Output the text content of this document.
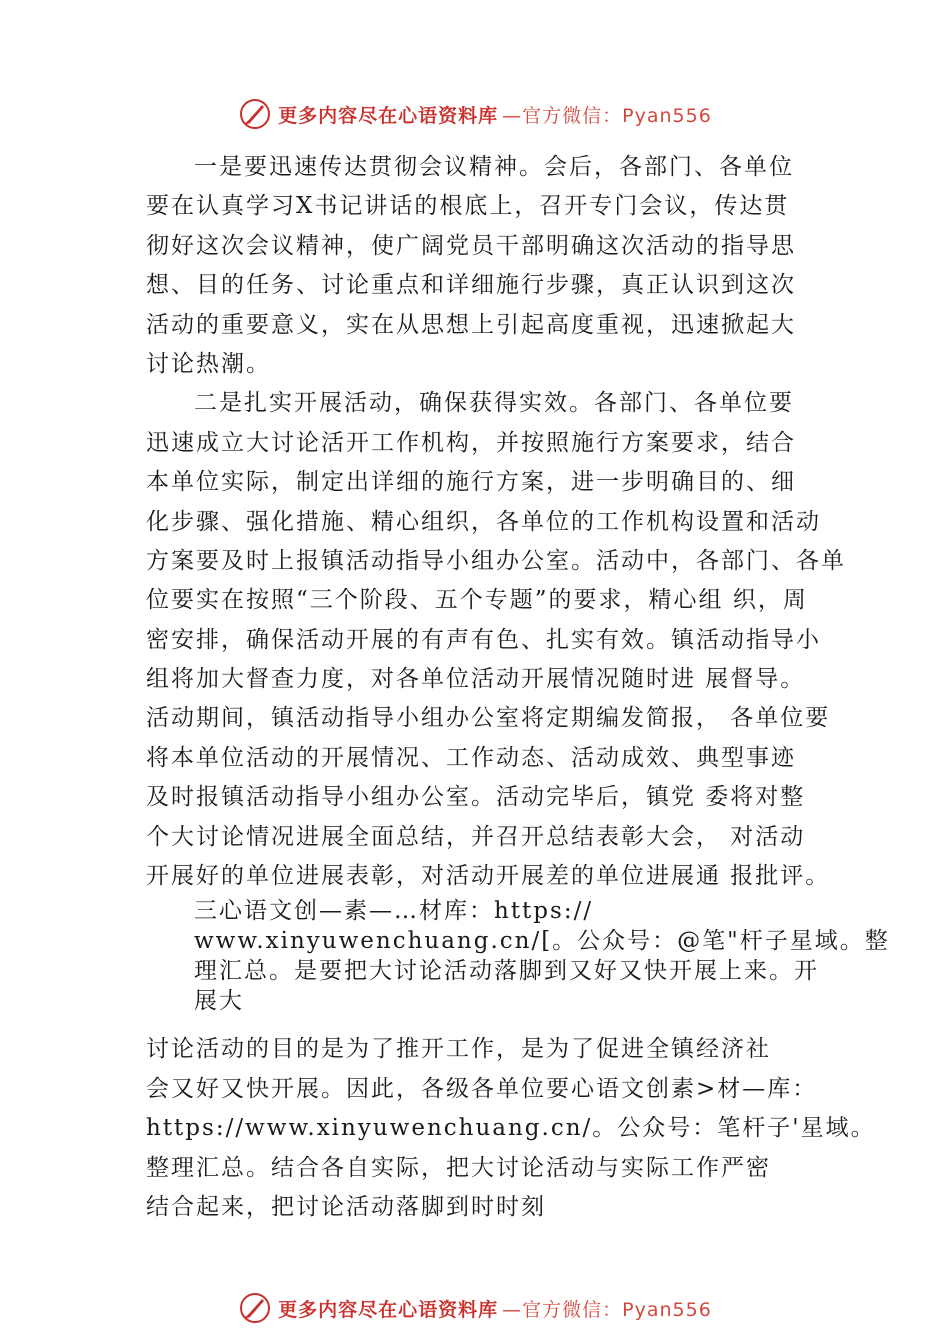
更多内容尽在心语资料库 —官方微信：Pyan556
一是要迅速传达贯彻会议精神。会后，各部门、各单位
要在认真学习X书记讲话的根底上，召开专门会议，传达贯
彻好这次会议精神，使广阔党员干部明确这次活动的指导思
想、目的任务、讨论重点和详细施行步骤，真正认识到这次
活动的重要意义，实在从思想上引起高度重视，迅速掀起大
讨论热潮。
二是扎实开展活动，确保获得实效。各部门、各单位要
迅速成立大讨论活开工作机构，并按照施行方案要求，结合
本单位实际，制定出详细的施行方案，进一步明确目的、细
化步骤、强化措施、精心组织，各单位的工作机构设置和活动
方案要及时上报镇活动指导小组办公室。活动中，各部门、各单
位要实在按照“三个阶段、五个专题”的要求，精心组 织，周
密安排，确保活动开展的有声有色、扎实有效。镇活动指导小
组将加大督查力度，对各单位活动开展情况随时进 展督导。
活动期间，镇活动指导小组办公室将定期编发简报， 各单位要
将本单位活动的开展情况、工作动态、活动成效、典型事迹
及时报镇活动指导小组办公室。活动完毕后，镇党 委将对整
个大讨论情况进展全面总结，并召开总结表彰大会， 对活动
开展好的单位进展表彰，对活动开展差的单位进展通 报批评。
三心语文创—素—…材库：https://
www.xinyuwenchuang.cn/[。公众号：@笔"杆子星域。整
理汇总。是要把大讨论活动落脚到又好又快开展上来。开
展大
讨论活动的目的是为了推开工作，是为了促进全镇经济社
会又好又快开展。因此，各级各单位要心语文创素>材—库：
https://www.xinyuwenchuang.cn/。公众号：笔杆子'星域。
整理汇总。结合各自实际，把大讨论活动与实际工作严密
结合起来，把讨论活动落脚到时时刻
更多内容尽在心语资料库 —官方微信：Pyan556
